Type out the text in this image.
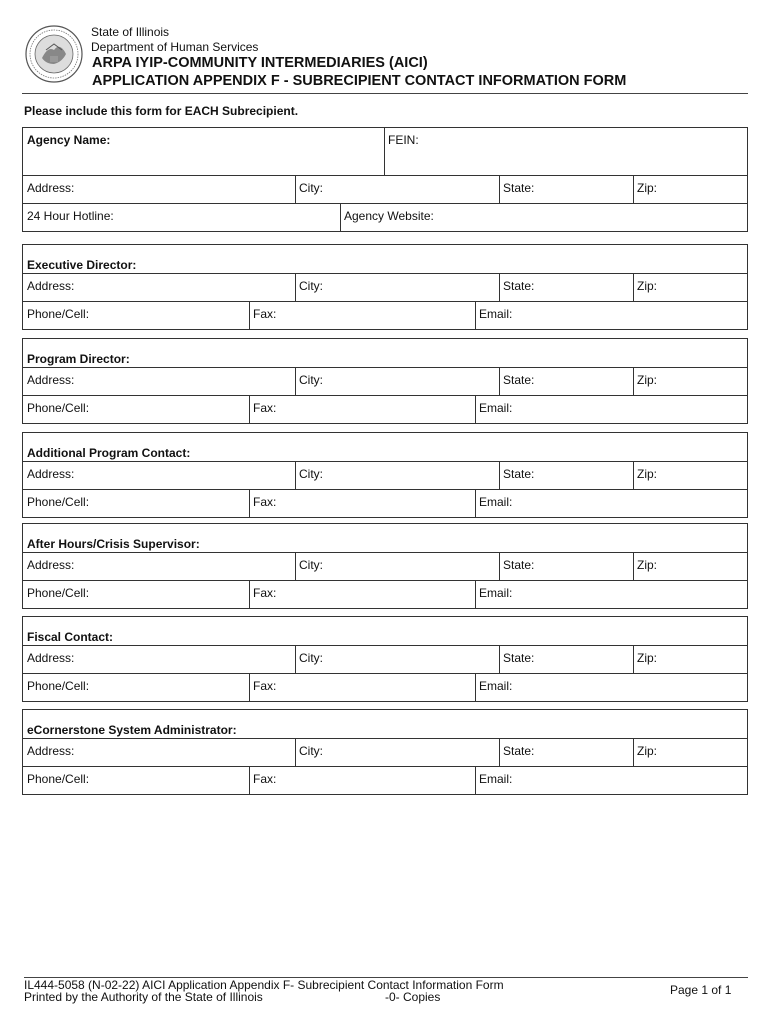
State of Illinois
Department of Human Services
ARPA IYIP-COMMUNITY INTERMEDIARIES (AICI)
APPLICATION APPENDIX F - SUBRECIPIENT CONTACT INFORMATION FORM
Please include this form for EACH Subrecipient.
Agency Name:	FEIN:
Address:	City:	State:	Zip:
24 Hour Hotline:	Agency Website:
Executive Director:
Address:	City:	State:	Zip:
Phone/Cell:	Fax:	Email:
Program Director:
Address:	City:	State:	Zip:
Phone/Cell:	Fax:	Email:
Additional Program Contact:
Address:	City:	State:	Zip:
Phone/Cell:	Fax:	Email:
After Hours/Crisis Supervisor:
Address:	City:	State:	Zip:
Phone/Cell:	Fax:	Email:
Fiscal Contact:
Address:	City:	State:	Zip:
Phone/Cell:	Fax:	Email:
eCornerstone System Administrator:
Address:	City:	State:	Zip:
Phone/Cell:	Fax:	Email:
IL444-5058 (N-02-22) AICI Application Appendix F- Subrecipient Contact Information Form
Printed by the Authority of the State of Illinois	-0- Copies	Page 1 of 1
